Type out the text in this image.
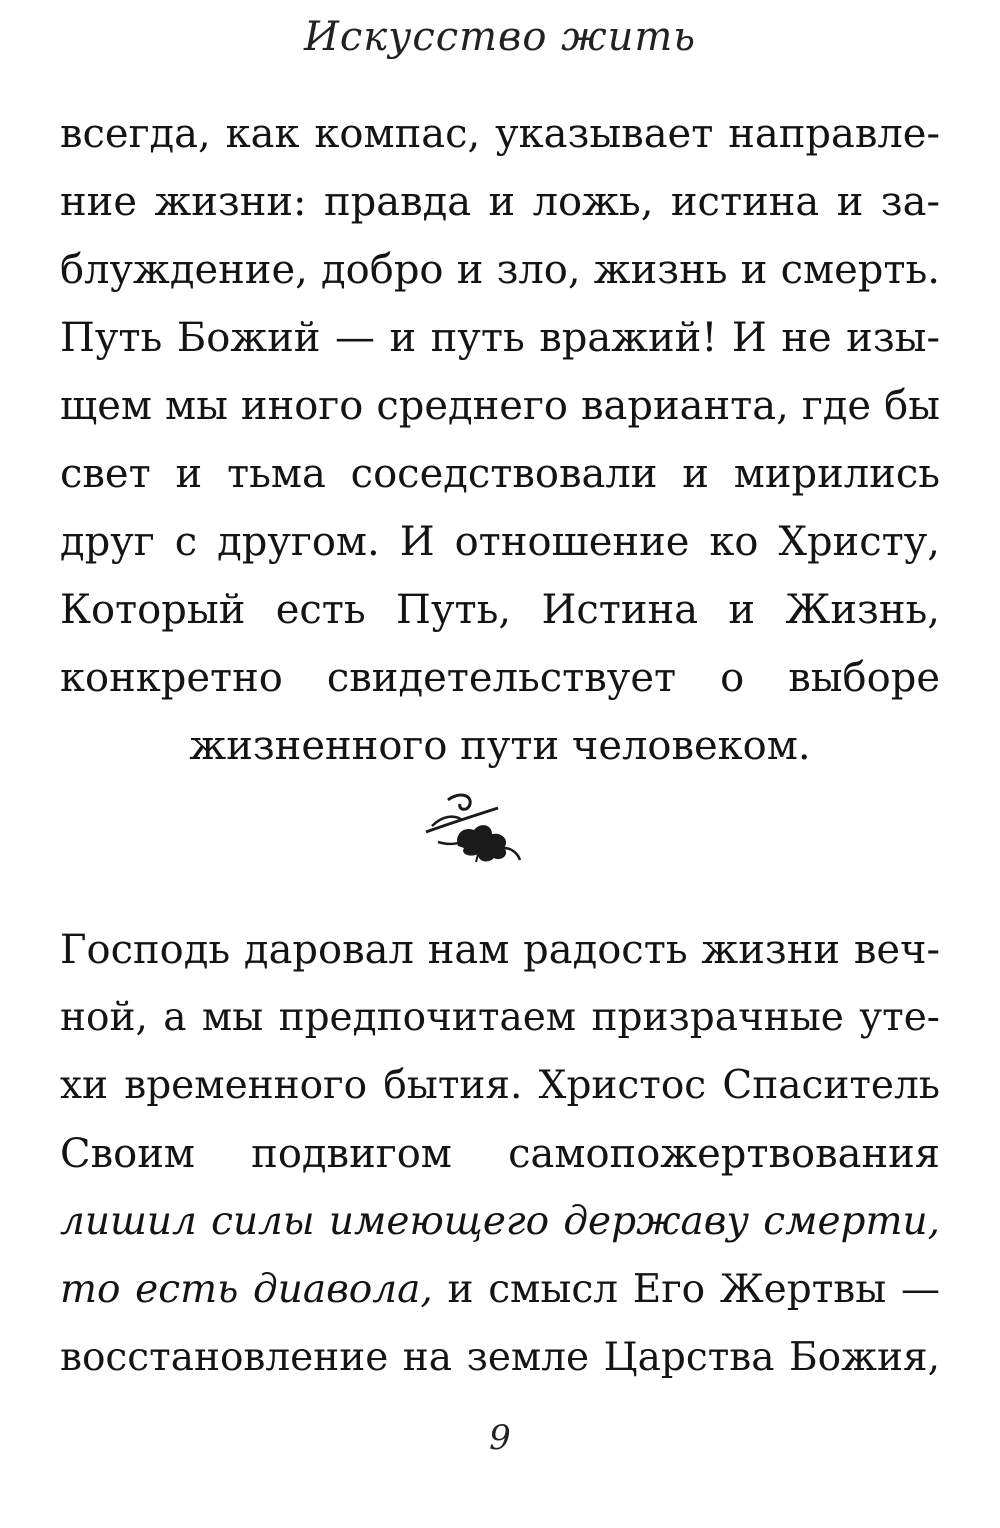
Искусство жить
всегда, как компас, указывает направле-
ние жизни: правда и ложь, истина и за-
блуждение, добро и зло, жизнь и смерть.
Путь Божий — и путь вражий! И не изы-
щем мы иного среднего варианта, где бы
свет и тьма соседствовали и мирились
друг с другом. И отношение ко Христу,
Который есть Путь, Истина и Жизнь,
конкретно свидетельствует о выборе
жизненного пути человеком.
Господь даровал нам радость жизни веч-
ной, а мы предпочитаем призрачные уте-
хи временного бытия. Христос Спаситель
Своим подвигом самопожертвования
лишил силы имеющего державу смерти,
то есть диавола, и смысл Его Жертвы —
восстановление на земле Царства Божия,
9
